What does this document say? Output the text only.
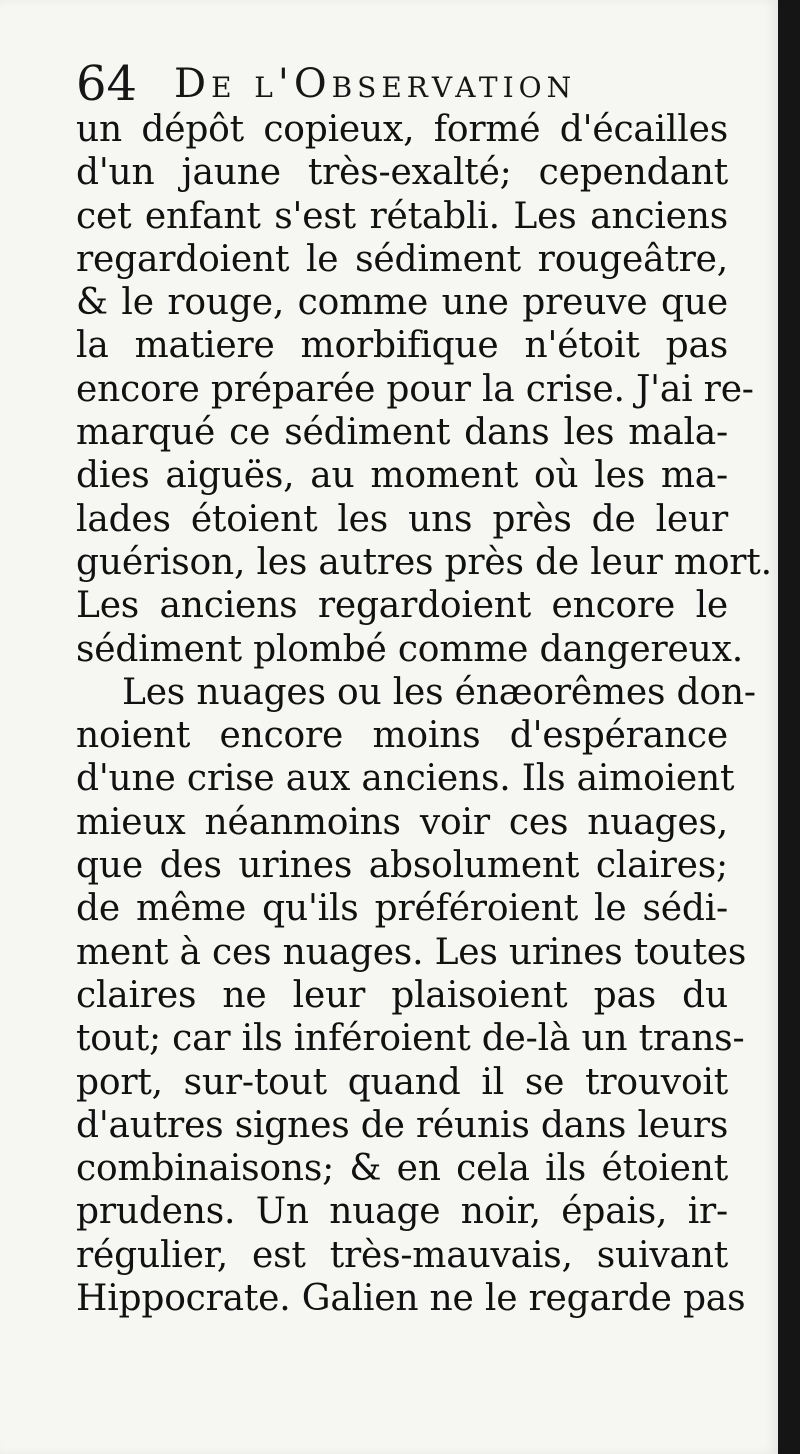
64 De l'Observation
un dépôt copieux, formé d'écailles
d'un jaune très-exalté; cependant
cet enfant s'est rétabli. Les anciens
regardoient le sédiment rougeâtre,
& le rouge, comme une preuve que
la matiere morbifique n'étoit pas
encore préparée pour la crise. J'ai re-
marqué ce sédiment dans les mala-
dies aiguës, au moment où les ma-
lades étoient les uns près de leur
guérison, les autres près de leur mort.
Les anciens regardoient encore le
sédiment plombé comme dangereux.
Les nuages ou les énæorêmes don-
noient encore moins d'espérance
d'une crise aux anciens. Ils aimoient
mieux néanmoins voir ces nuages,
que des urines absolument claires;
de même qu'ils préféroient le sédi-
ment à ces nuages. Les urines toutes
claires ne leur plaisoient pas du
tout; car ils inféroient de-là un trans-
port, sur-tout quand il se trouvoit
d'autres signes de réunis dans leurs
combinaisons; & en cela ils étoient
prudens. Un nuage noir, épais, ir-
régulier, est très-mauvais, suivant
Hippocrate. Galien ne le regarde pas
